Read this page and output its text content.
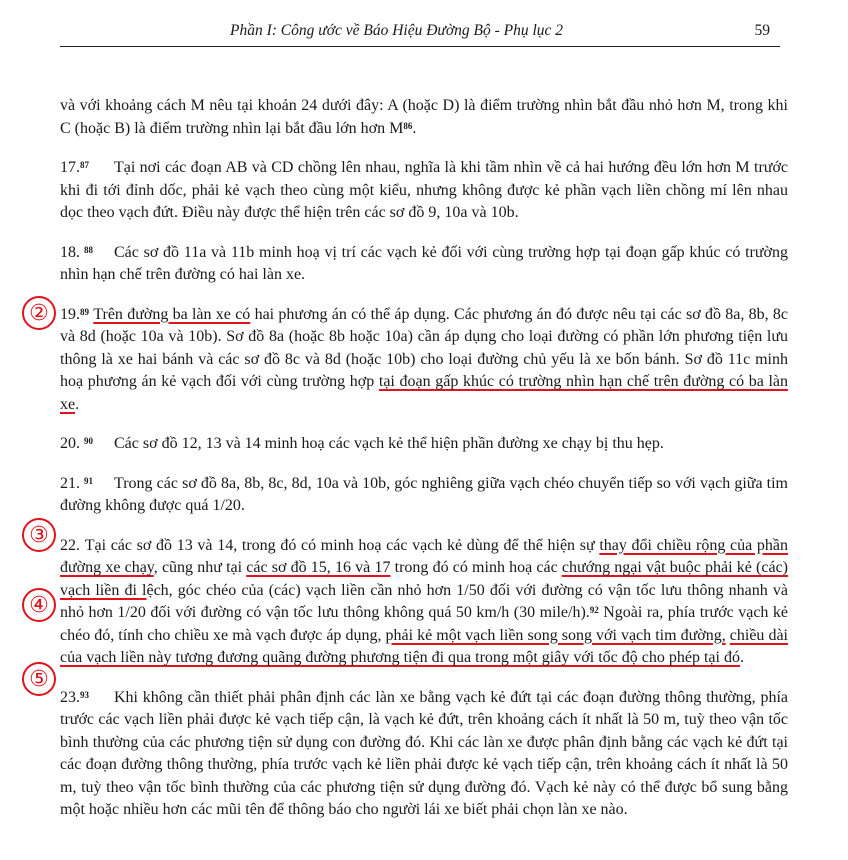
Phần I: Công ước về Báo Hiệu Đường Bộ - Phụ lục 2	59
②
③
④
⑤

và với khoảng cách M nêu tại khoản 24 dưới đây: A (hoặc D) là điểm trường nhìn bắt đầu nhỏ hơn M, trong khi C (hoặc B) là điểm trường nhìn lại bắt đầu lớn hơn $M^{86}$.

17.87 Tại nơi các đoạn AB và CD chồng lên nhau, nghĩa là khi tầm nhìn về cả hai hướng đều lớn hơn M trước khi đi tới đỉnh dốc, phải kẻ vạch theo cùng một kiểu, nhưng không được kẻ phần vạch liền chồng mí lên nhau dọc theo vạch đứt. Điều này được thể hiện trên các sơ đồ 9, 10a và 10b.

18. $^{88}$ Các sơ đồ 11a và 11b minh hoạ vị trí các vạch kẻ đối với cùng trường hợp tại đoạn gấp khúc có trường nhìn hạn chế trên đường có hai làn xe.

19.89 Trên đường ba làn xe có hai phương án có thể áp dụng. Các phương án đó được nêu tại các sơ đồ 8a, 8b, 8c và 8d (hoặc 10a và 10b). Sơ đồ 8a (hoặc 8b hoặc 10a) cần áp dụng cho loại đường có phần lớn phương tiện lưu thông là xe hai bánh và các sơ đồ 8c và 8d (hoặc 10b) cho loại đường chủ yếu là xe bốn bánh. Sơ đồ 11c minh hoạ phương án kẻ vạch đối với cùng trường hợp tại đoạn gấp khúc có trường nhìn hạn chế trên đường có ba làn xe.

20. $^{90}$ Các sơ đồ 12, 13 và 14 minh hoạ các vạch kẻ thể hiện phần đường xe chạy bị thu hẹp.

21. $^{91}$ Trong các sơ đồ 8a, 8b, 8c, 8d, 10a và 10b, góc nghiêng giữa vạch chéo chuyển tiếp so với vạch giữa tim đường không được quá 1/20.

22. Tại các sơ đồ 13 và 14, trong đó có minh hoạ các vạch kẻ dùng để thể hiện sự thay đổi chiều rộng của phần đường xe chạy, cũng như tại các sơ đồ 15, 16 và 17 trong đó có minh hoạ các chướng ngại vật buộc phải kẻ (các) vạch liền đi lệch, góc chéo của (các) vạch liền cần nhỏ hơn 1/50 đối với đường có vận tốc lưu thông nhanh và nhỏ hơn 1/20 đối với đường có vận tốc lưu thông không quá 50 km/h (30 mile/h).$^{92}$ Ngoài ra, phía trước vạch kẻ chéo đó, tính cho chiều xe mà vạch được áp dụng, phải kẻ một vạch liền song song với vạch tim đường, chiều dài của vạch liền này tương đương quãng đường phương tiện đi qua trong một giây với tốc độ cho phép tại đó.

23.93 Khi không cần thiết phải phân định các làn xe bằng vạch kẻ đứt tại các đoạn đường thông thường, phía trước các vạch liền phải được kẻ vạch tiếp cận, là vạch kẻ đứt, trên khoảng cách ít nhất là 50 m, tuỳ theo vận tốc bình thường của các phương tiện sử dụng con đường đó. Khi các làn xe được phân định bằng các vạch kẻ đứt tại các đoạn đường thông thường, phía trước vạch kẻ liền phải được kẻ vạch tiếp cận, trên khoảng cách ít nhất là 50 m, tuỳ theo vận tốc bình thường của các phương tiện sử dụng đường đó. Vạch kẻ này có thể được bổ sung bằng một hoặc nhiều hơn các mũi tên để thông báo cho người lái xe biết phải chọn làn xe nào.
